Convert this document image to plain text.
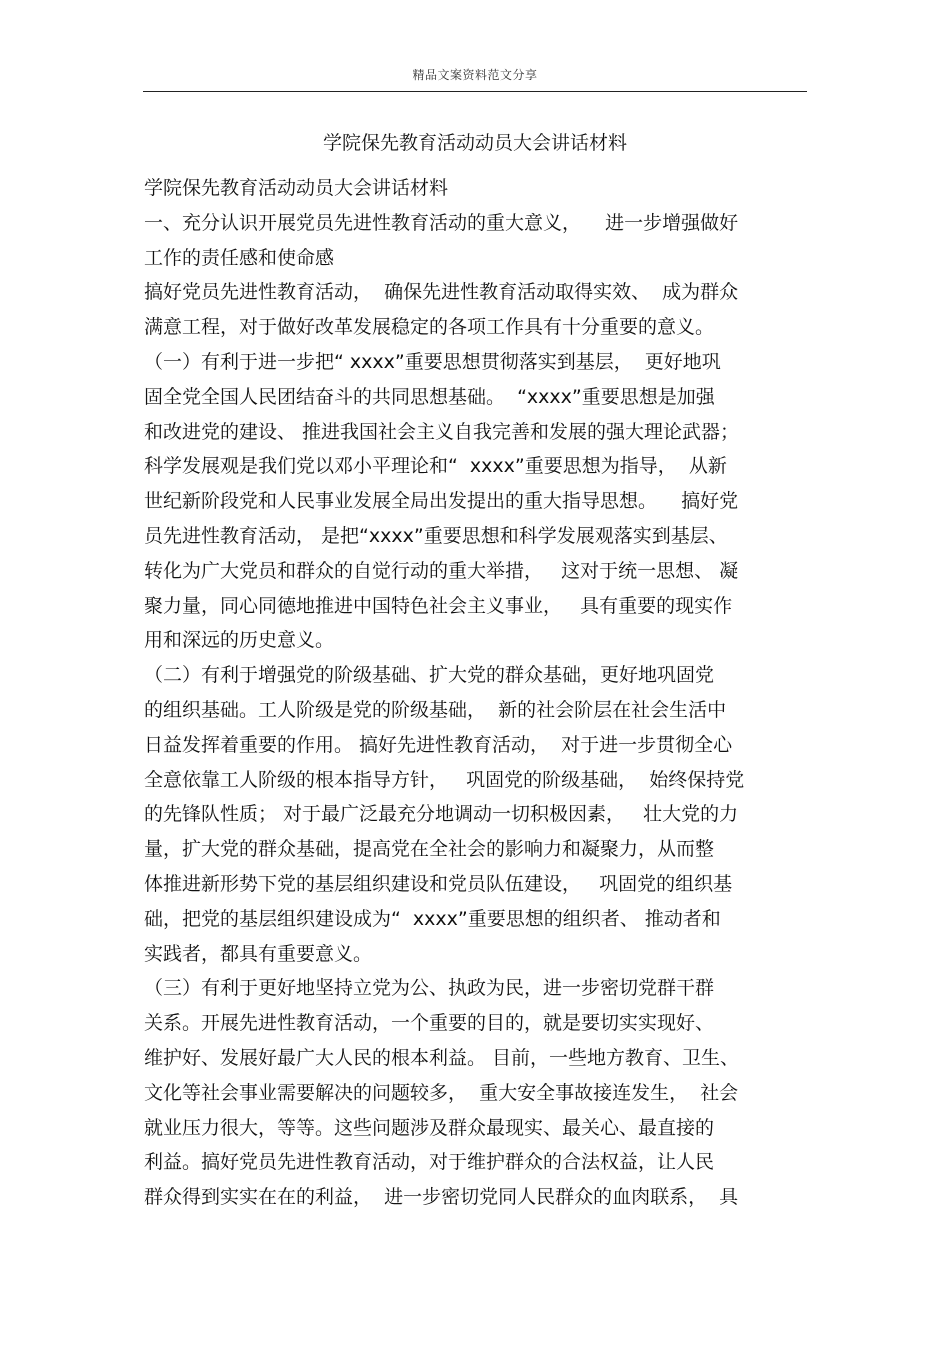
精品文案资料范文分享
学院保先教育活动动员大会讲话材料
学院保先教育活动动员大会讲话材料
一、充分认识开展党员先进性教育活动的重大意义，    进一步增强做好
工作的责任感和使命感
搞好党员先进性教育活动，  确保先进性教育活动取得实效、  成为群众
满意工程，对于做好改革发展稳定的各项工作具有十分重要的意义。
（一）有利于进一步把“ xxxx”重要思想贯彻落实到基层，  更好地巩
固全党全国人民团结奋斗的共同思想基础。  “xxxx”重要思想是加强
和改进党的建设、 推进我国社会主义自我完善和发展的强大理论武器；
科学发展观是我们党以邓小平理论和“  xxxx”重要思想为指导，  从新
世纪新阶段党和人民事业发展全局出发提出的重大指导思想。    搞好党
员先进性教育活动， 是把“xxxx”重要思想和科学发展观落实到基层、
转化为广大党员和群众的自觉行动的重大举措，   这对于统一思想、 凝
聚力量，同心同德地推进中国特色社会主义事业，   具有重要的现实作
用和深远的历史意义。
（二）有利于增强党的阶级基础、扩大党的群众基础，更好地巩固党
的组织基础。工人阶级是党的阶级基础，  新的社会阶层在社会生活中
日益发挥着重要的作用。 搞好先进性教育活动，  对于进一步贯彻全心
全意依靠工人阶级的根本指导方针，   巩固党的阶级基础，  始终保持党
的先锋队性质； 对于最广泛最充分地调动一切积极因素，   壮大党的力
量，扩大党的群众基础，提高党在全社会的影响力和凝聚力，从而整
体推进新形势下党的基层组织建设和党员队伍建设，   巩固党的组织基
础，把党的基层组织建设成为“  xxxx”重要思想的组织者、 推动者和
实践者，都具有重要意义。
（三）有利于更好地坚持立党为公、执政为民，进一步密切党群干群
关系。开展先进性教育活动，一个重要的目的，就是要切实实现好、
维护好、发展好最广大人民的根本利益。 目前，一些地方教育、卫生、
文化等社会事业需要解决的问题较多，  重大安全事故接连发生，  社会
就业压力很大，等等。这些问题涉及群众最现实、最关心、最直接的
利益。搞好党员先进性教育活动，对于维护群众的合法权益，让人民
群众得到实实在在的利益，  进一步密切党同人民群众的血肉联系，  具
